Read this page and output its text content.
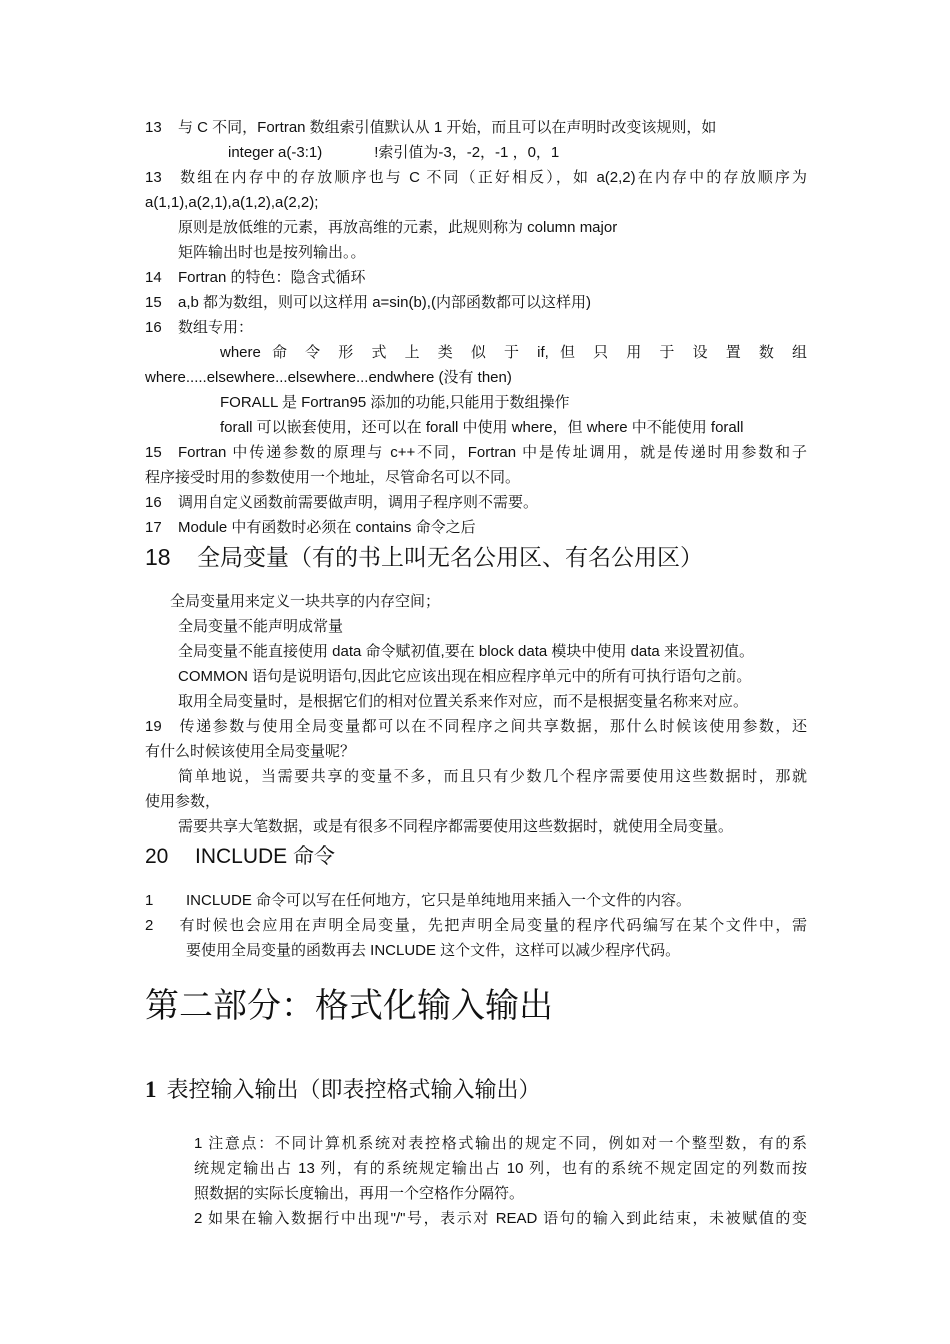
13 与 C 不同，Fortran 数组索引值默认从 1 开始，而且可以在声明时改变该规则，如
integer a(-3:1)	!索引值为-3，-2，-1 ，0，1
13 数组在内存中的存放顺序也与 C 不同（正好相反），如 a(2,2)在内存中的存放顺序为
a(1,1),a(2,1),a(1,2),a(2,2);
原则是放低维的元素，再放高维的元素，此规则称为 column major
矩阵输出时也是按列输出。。
14 Fortran 的特色：隐含式循环
15 a,b 都为数组，则可以这样用 a=sin(b),(内部函数都可以这样用)
16 数组专用：
where 命 令 形 式 上 类 似 于 if, 但 只 用 于 设 置 数 组
where.....elsewhere...elsewhere...endwhere (没有 then)
FORALL 是 Fortran95 添加的功能,只能用于数组操作
forall 可以嵌套使用，还可以在 forall 中使用 where，但 where 中不能使用 forall
15 Fortran 中传递参数的原理与 c++不同，Fortran 中是传址调用，就是传递时用参数和子
程序接受时用的参数使用一个地址，尽管命名可以不同。
16 调用自定义函数前需要做声明，调用子程序则不需要。
17 Module 中有函数时必须在 contains 命令之后
18 全局变量（有的书上叫无名公用区、有名公用区）
全局变量用来定义一块共享的内存空间；
全局变量不能声明成常量
全局变量不能直接使用 data 命令赋初值,要在 block data 模块中使用 data 来设置初值。
COMMON 语句是说明语句,因此它应该出现在相应程序单元中的所有可执行语句之前。
取用全局变量时，是根据它们的相对位置关系来作对应，而不是根据变量名称来对应。
19 传递参数与使用全局变量都可以在不同程序之间共享数据，那什么时候该使用参数，还
有什么时候该使用全局变量呢？
简单地说，当需要共享的变量不多，而且只有少数几个程序需要使用这些数据时，那就
使用参数，
需要共享大笔数据，或是有很多不同程序都需要使用这些数据时，就使用全局变量。
20 INCLUDE 命令
1 INCLUDE 命令可以写在任何地方，它只是单纯地用来插入一个文件的内容。
2 有时候也会应用在声明全局变量，先把声明全局变量的程序代码编写在某个文件中，需
要使用全局变量的函数再去 INCLUDE 这个文件，这样可以减少程序代码。
第二部分：格式化输入输出
1 表控输入输出（即表控格式输入输出）
1 注意点：不同计算机系统对表控格式输出的规定不同，例如对一个整型数，有的系
统规定输出占 13 列，有的系统规定输出占 10 列，也有的系统不规定固定的列数而按
照数据的实际长度输出，再用一个空格作分隔符。
2 如果在输入数据行中出现"/"号，表示对 READ 语句的输入到此结束，未被赋值的变
